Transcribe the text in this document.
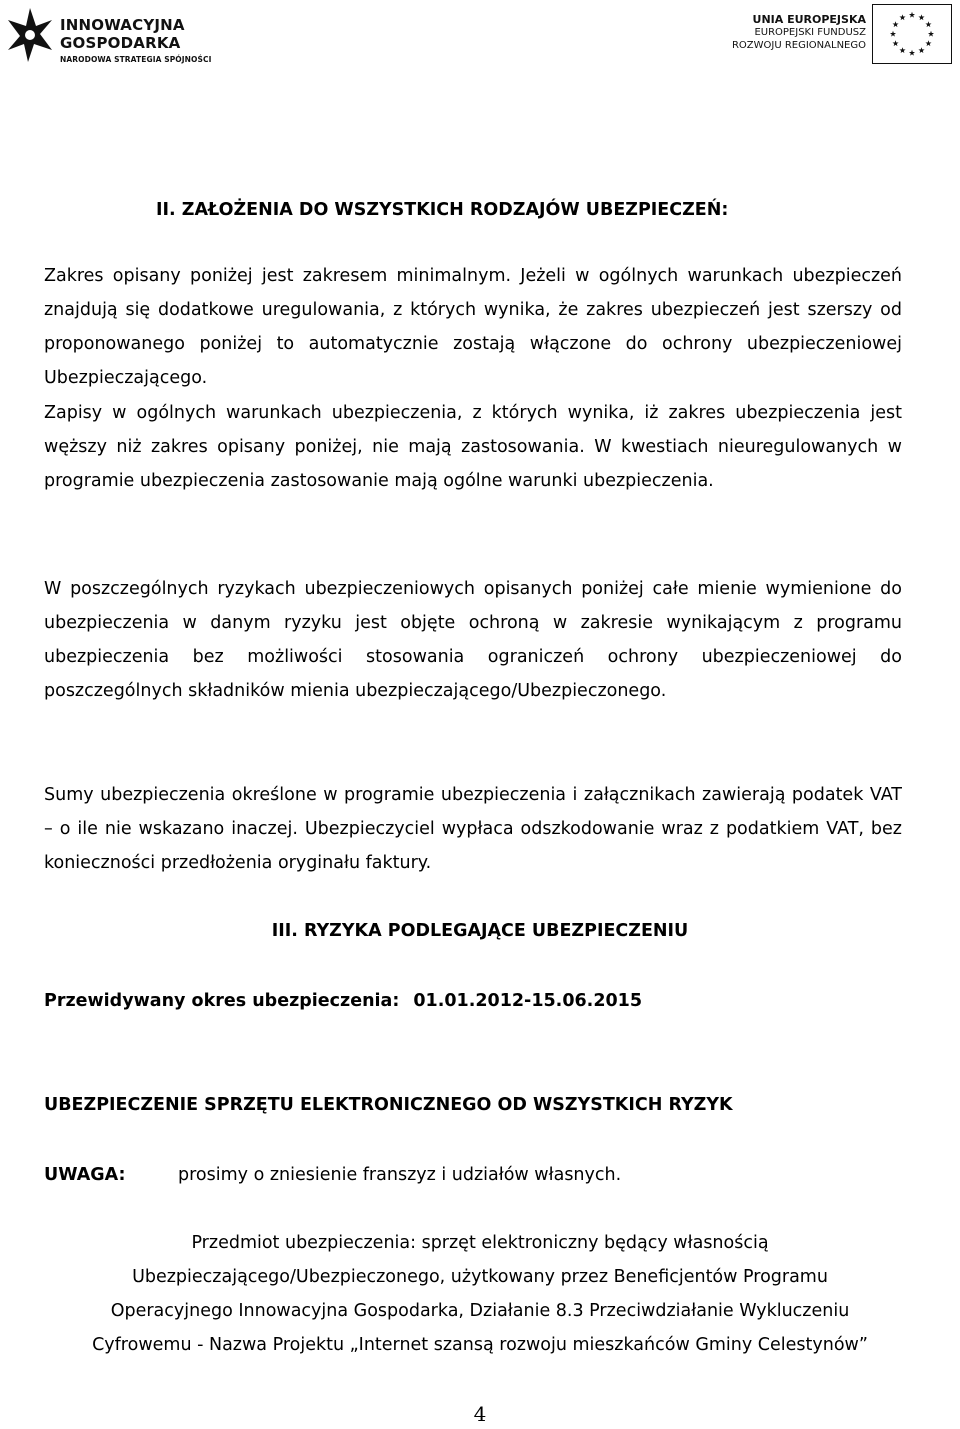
INNOWACYJNA
GOSPODARKA
NARODOWA STRATEGIA SPÓJNOŚCI
UNIA EUROPEJSKA
EUROPEJSKI FUNDUSZ
ROZWOJU REGIONALNEGO
II. ZAŁOŻENIA DO WSZYSTKICH RODZAJÓW UBEZPIECZEŃ:
Zakres opisany poniżej jest zakresem minimalnym. Jeżeli w ogólnych warunkach ubezpieczeń znajdują się dodatkowe uregulowania, z których wynika, że zakres ubezpieczeń jest szerszy od proponowanego poniżej to automatycznie zostają włączone do ochrony ubezpieczeniowej Ubezpieczającego.
Zapisy w ogólnych warunkach ubezpieczenia, z których wynika, iż zakres ubezpieczenia jest węższy niż zakres opisany poniżej, nie mają zastosowania. W kwestiach nieuregulowanych w programie ubezpieczenia zastosowanie mają ogólne warunki ubezpieczenia.
W poszczególnych ryzykach ubezpieczeniowych opisanych poniżej całe mienie wymienione do ubezpieczenia w danym ryzyku jest objęte ochroną w zakresie wynikającym z programu ubezpieczenia bez możliwości stosowania ograniczeń ochrony ubezpieczeniowej do poszczególnych składników mienia ubezpieczającego/Ubezpieczonego.
Sumy ubezpieczenia określone w programie ubezpieczenia i załącznikach zawierają podatek VAT – o ile nie wskazano inaczej. Ubezpieczyciel wypłaca odszkodowanie wraz z podatkiem VAT, bez konieczności przedłożenia oryginału faktury.
III. RYZYKA PODLEGAJĄCE UBEZPIECZENIU
Przewidywany okres ubezpieczenia: 01.01.2012-15.06.2015
UBEZPIECZENIE SPRZĘTU ELEKTRONICZNEGO OD WSZYSTKICH RYZYK
UWAGA:	prosimy o zniesienie franszyz i udziałów własnych.
Przedmiot ubezpieczenia: sprzęt elektroniczny będący własnością
Ubezpieczającego/Ubezpieczonego, użytkowany przez Beneficjentów Programu
Operacyjnego Innowacyjna Gospodarka, Działanie 8.3 Przeciwdziałanie Wykluczeniu
Cyfrowemu - Nazwa Projektu „Internet szansą rozwoju mieszkańców Gminy Celestynów”
4
